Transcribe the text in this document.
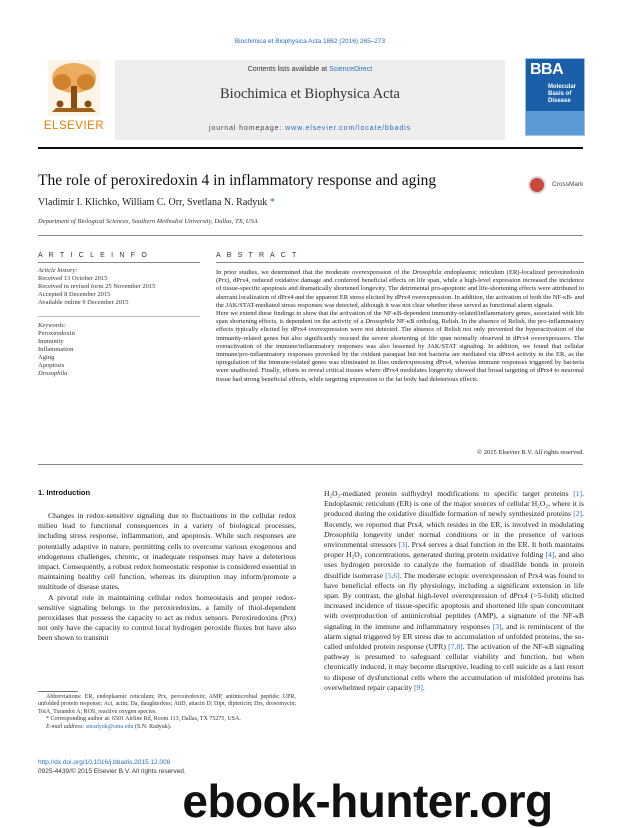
Biochimica et Biophysica Acta 1862 (2016) 265–273
Contents lists available at ScienceDirect
Biochimica et Biophysica Acta
journal homepage: www.elsevier.com/locate/bbadis
ELSEVIER
BBA
Molecular Basis of Disease
The role of peroxiredoxin 4 in inflammatory response and aging	CrossMark
Vladimir I. Klichko, William C. Orr, Svetlana N. Radyuk *
Department of Biological Sciences, Southern Methodist University, Dallas, TX, USA
A R T I C L E I N F O
Article history:
Received 13 October 2015
Received in revised form 25 November 2015
Accepted 8 December 2015
Available online 9 December 2015
Keywords:
Peroxiredoxin
Immunity
Inflammation
Aging
Apoptosis
Drosophila
A B S T R A C T

In prior studies, we determined that the moderate overexpression of the Drosophila endoplasmic reticulum (ER)-localized peroxiredoxin (Prx), dPrx4, reduced oxidative damage and conferred beneficial effects on life span, while a high-level expression increased the incidence of tissue-specific apoptosis and dramatically shortened longevity. The detrimental pro-apoptotic and life-shortening effects were attributed to aberrant localization of dPrx4 and the apparent ER stress elicited by dPrx4 overexpression. In addition, the activation of both the NF-κB- and the JAK/STAT-mediated stress responses was detected, although it was not clear whether these served as functional alarm signals.

Here we extend these findings to show that the activation of the NF-κB-dependent immunity-related/inflammatory genes, associated with life span shortening effects, is dependent on the activity of a Drosophila NF-κB ortholog, Relish. In the absence of Relish, the pro-inflammatory effects typically elicited by dPrx4 overexpression were not detected. The absence of Relish not only prevented the hyperactivation of the immunity-related genes but also significantly rescued the severe shortening of life span normally observed in dPrx4 overexpressors. The overactivation of the immune/inflammatory responses was also lessened by JAK/STAT signaling. In addition, we found that cellular immune/pro-inflammatory responses provoked by the oxidant paraquat but not bacteria are mediated via dPrx4 activity in the ER, as the upregulation of the immune-related genes was eliminated in flies underexpressing dPrx4, whereas immune responses triggered by bacteria were unaffected. Finally, efforts to reveal critical tissues where dPrx4 modulates longevity showed that broad targeting of dPrx4 to neuronal tissue had strong beneficial effects, while targeting expression to the fat body had deleterious effects.

© 2015 Elsevier B.V. All rights reserved.
1. Introduction

Changes in redox-sensitive signaling due to fluctuations in the cellular redox milieu lead to functional consequences in a variety of biological processes, including stress response, inflammation, and apoptosis. While such responses are potentially adaptive in nature, permitting cells to overcome various exogenous and endogenous challenges, chronic, or inadequate responses may have a deleterious impact. Consequently, a robust redox homeostatic response is considered essential in maintaining healthy cell function, whereas its disruption may inform/promote a multitude of disease states.

A pivotal role in maintaining cellular redox homeostasis and proper redox-sensitive signaling belongs to the peroxiredoxins, a family of thiol-dependent peroxidases that possess the capacity to act as redox sensors. Peroxiredoxins (Prx) not only have the capacity to control local hydrogen peroxide fluxes but have also been shown to transmit

Abbreviations: ER, endoplasmic reticulum; Prx, peroxiredoxin; AMP, antimicrobial peptide; UPR, unfolded protein response; Act, actin; Da, daughterless; AttD, attacin D; Dipt, diptericin; Drs, drosomycin; TotA, Turandot A; ROS, reactive oxygen species.

* Corresponding author at: 6501 Airline Rd, Room 113, Dallas, TX 75275, USA.

E-mail address: snradyuk@smu.edu (S.N. Radyuk).

H₂O₂-mediated protein sulfhydryl modifications to specific target proteins [1]. Endoplasmic reticulum (ER) is one of the major sources of cellular H₂O₂, where it is produced during the oxidative disulfide formation of newly synthesized proteins [2]. Recently, we reported that Prx4, which resides in the ER, is involved in modulating Drosophila longevity under normal conditions or in the presence of various environmental stressors [3]. Prx4 serves a dual function in the ER. It both maintains proper H₂O₂ concentrations, generated during protein oxidative folding [4], and also uses hydrogen peroxide to catalyze the formation of disulfide bonds in protein disulfide isomerase [5,6]. The moderate ectopic overexpression of Prx4 was found to have beneficial effects on fly physiology, including a significant extension in life span. By contrast, the global high-level overexpression of dPrx4 (>5-fold) elicited increased incidence of tissue-specific apoptosis and shortened life span concomitant with overproduction of antimicrobial peptides (AMP), a signature of the NF-κB signaling in the immune and inflammatory responses [3], and is reminiscent of the alarm signal triggered by ER stress due to accumulation of unfolded proteins, the so-called unfolded protein response (UPR) [7,8]. The activation of the NF-κB signaling pathway is presumed to safeguard cellular viability and function, but when chronically induced, it may become disruptive, leading to cell suicide as a last resort to dispose of dysfunctional cells where the accumulation of misfolded proteins has overwhelmed repair capacity [9].

http://dx.doi.org/10.1016/j.bbadis.2015.12.008
0925-4439/© 2015 Elsevier B.V. All rights reserved.
ebook-hunter.org
